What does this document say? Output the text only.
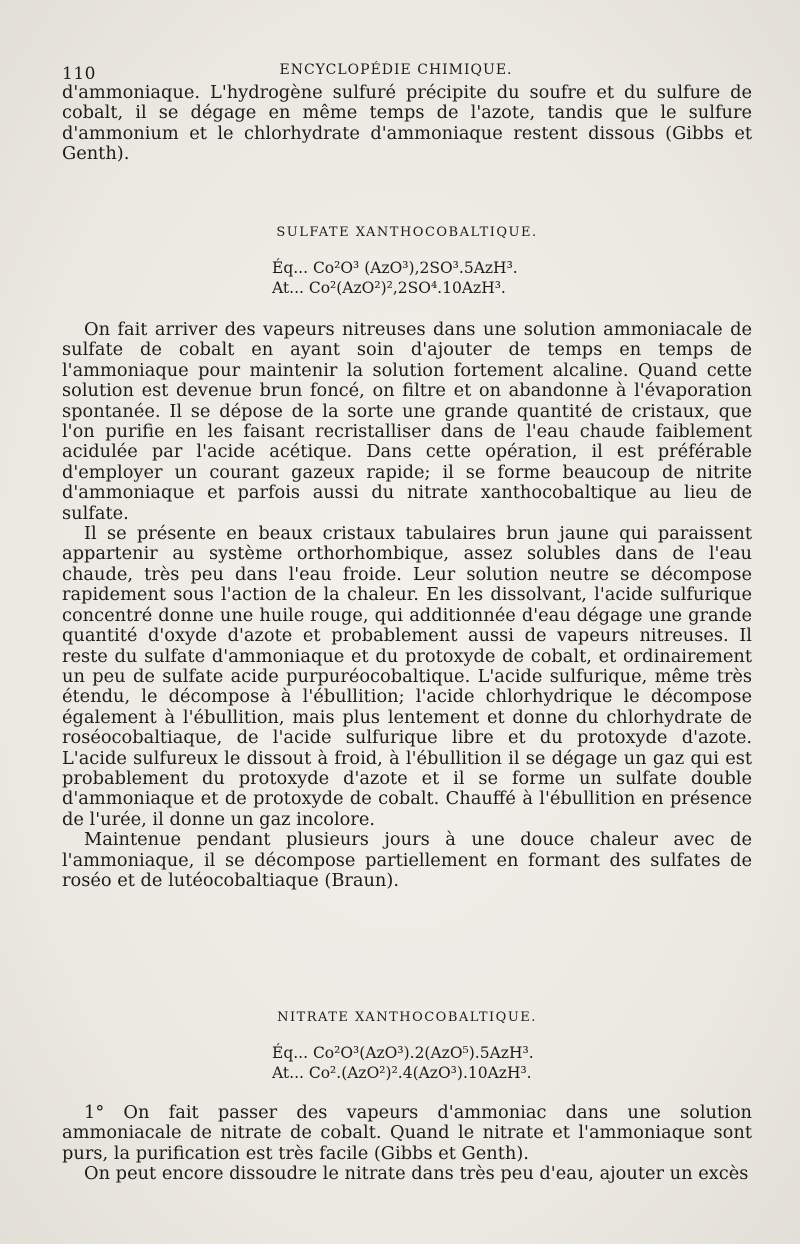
110	ENCYCLOPÉDIE CHIMIQUE.

d'ammoniaque. L'hydrogène sulfuré précipite du soufre et du sulfure de cobalt, il se dégage en même temps de l'azote, tandis que le sulfure d'ammonium et le chlorhydrate d'ammoniaque restent dissous (Gibbs et Genth).

SULFATE XANTHOCOBALTIQUE.
Éq... Co²O³ (AzO³),2SO³.5AzH³.
At... Co²(AzO²)²,2SO⁴.10AzH³.

On fait arriver des vapeurs nitreuses dans une solution ammoniacale de sulfate de cobalt en ayant soin d'ajouter de temps en temps de l'ammoniaque pour maintenir la solution fortement alcaline. Quand cette solution est devenue brun foncé, on filtre et on abandonne à l'évaporation spontanée. Il se dépose de la sorte une grande quantité de cristaux, que l'on purifie en les faisant recristalliser dans de l'eau chaude faiblement acidulée par l'acide acétique. Dans cette opération, il est préférable d'employer un courant gazeux rapide; il se forme beaucoup de nitrite d'ammoniaque et parfois aussi du nitrate xanthocobaltique au lieu de sulfate.

Il se présente en beaux cristaux tabulaires brun jaune qui paraissent appartenir au système orthorhombique, assez solubles dans de l'eau chaude, très peu dans l'eau froide. Leur solution neutre se décompose rapidement sous l'action de la chaleur. En les dissolvant, l'acide sulfurique concentré donne une huile rouge, qui additionnée d'eau dégage une grande quantité d'oxyde d'azote et probablement aussi de vapeurs nitreuses. Il reste du sulfate d'ammoniaque et du protoxyde de cobalt, et ordinairement un peu de sulfate acide purpuréocobaltique. L'acide sulfurique, même très étendu, le décompose à l'ébullition; l'acide chlorhydrique le décompose également à l'ébullition, mais plus lentement et donne du chlorhydrate de roséocobaltiaque, de l'acide sulfurique libre et du protoxyde d'azote. L'acide sulfureux le dissout à froid, à l'ébullition il se dégage un gaz qui est probablement du protoxyde d'azote et il se forme un sulfate double d'ammoniaque et de protoxyde de cobalt. Chauffé à l'ébullition en présence de l'urée, il donne un gaz incolore.

Maintenue pendant plusieurs jours à une douce chaleur avec de l'ammoniaque, il se décompose partiellement en formant des sulfates de roséo et de lutéocobaltiaque (Braun).

NITRATE XANTHOCOBALTIQUE.
Éq... Co²O³(AzO³).2(AzO⁵).5AzH³.
At... Co².(AzO²)².4(AzO³).10AzH³.

1° On fait passer des vapeurs d'ammoniac dans une solution ammoniacale de nitrate de cobalt. Quand le nitrate et l'ammoniaque sont purs, la purification est très facile (Gibbs et Genth).

On peut encore dissoudre le nitrate dans très peu d'eau, ajouter un excès
